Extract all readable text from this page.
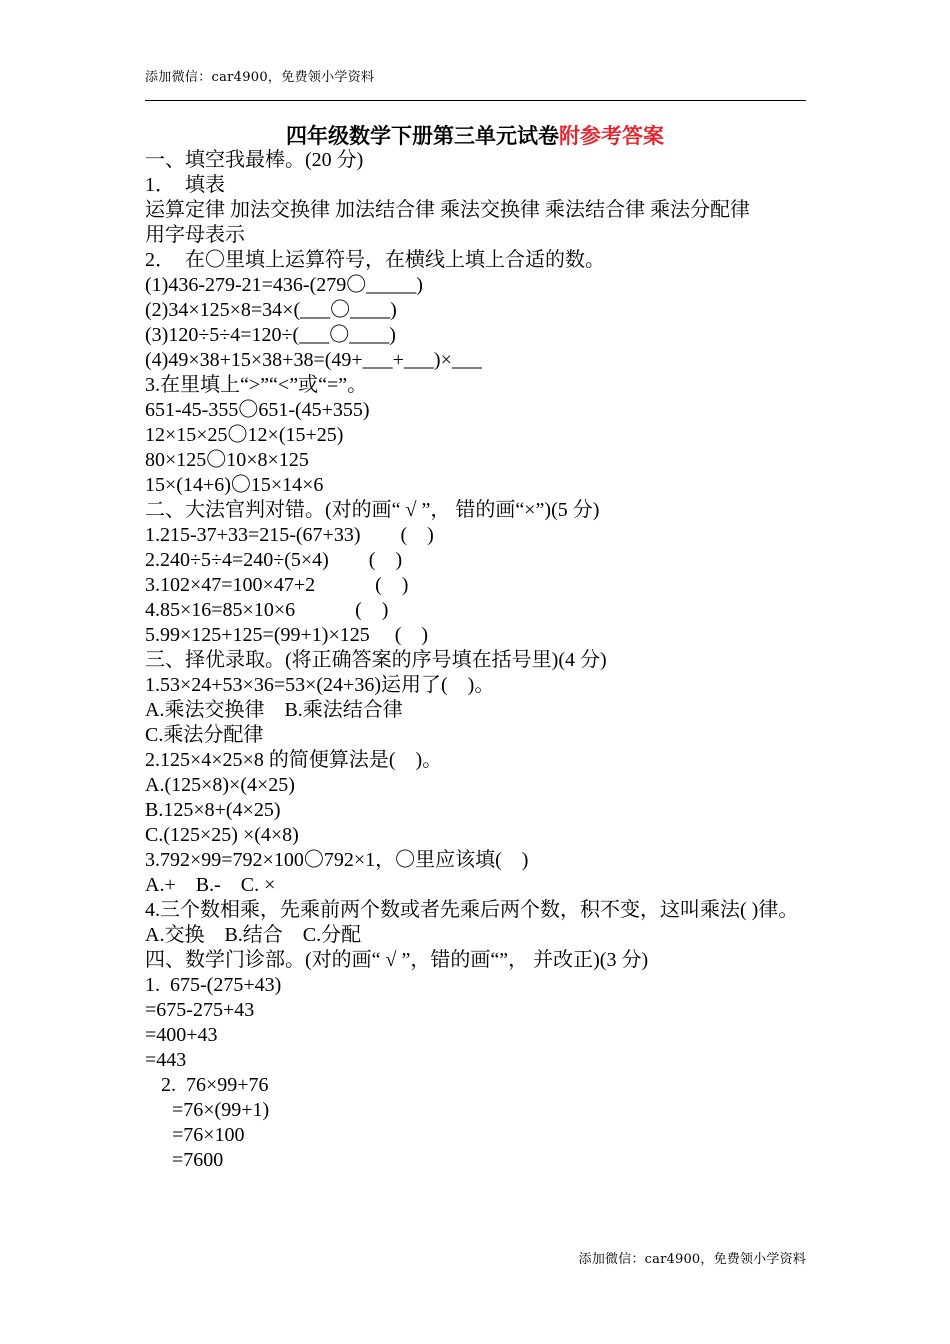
添加微信：car4900，免费领小学资料
四年级数学下册第三单元试卷附参考答案
一、填空我最棒。(20 分)
1．  填表
运算定律 加法交换律 加法结合律 乘法交换律 乘法结合律 乘法分配律
用字母表示
2．  在〇里填上运算符号，在横线上填上合适的数。
(1)436-279-21=436-(279〇_____)
(2)34×125×8=34×(___〇____)
(3)120÷5÷4=120÷(___〇____)
(4)49×38+15×38+38=(49+___+___)×___
3.在里填上“>”“<”或“=”。
651-45-355〇651-(45+355)
12×15×25〇12×(15+25)
80×125〇10×8×125
15×(14+6)〇15×14×6
二、大法官判对错。(对的画“ √ ”， 错的画“×”)(5 分)
1.215-37+33=215-(67+33)        (    )
2.240÷5÷4=240÷(5×4)        (    )
3.102×47=100×47+2            (    )
4.85×16=85×10×6            (    )
5.99×125+125=(99+1)×125     (    )
三、择优录取。(将正确答案的序号填在括号里)(4 分)
1.53×24+53×36=53×(24+36)运用了(    )。
A.乘法交换律    B.乘法结合律
C.乘法分配律
2.125×4×25×8 的简便算法是(    )。
A.(125×8)×(4×25)
B.125×8+(4×25)
C.(125×25) ×(4×8)
3.792×99=792×100〇792×1，〇里应该填(    )
A.+    B.-    C. ×
4.三个数相乘，先乘前两个数或者先乘后两个数，积不变，这叫乘法( )律。
A.交换    B.结合    C.分配
四、数学门诊部。(对的画“ √ ”，错的画“”， 并改正)(3 分)
1.  675-(275+43)
=675-275+43
=400+43
=443
2.  76×99+76
=76×(99+1)
=76×100
=7600
添加微信：car4900，免费领小学资料
